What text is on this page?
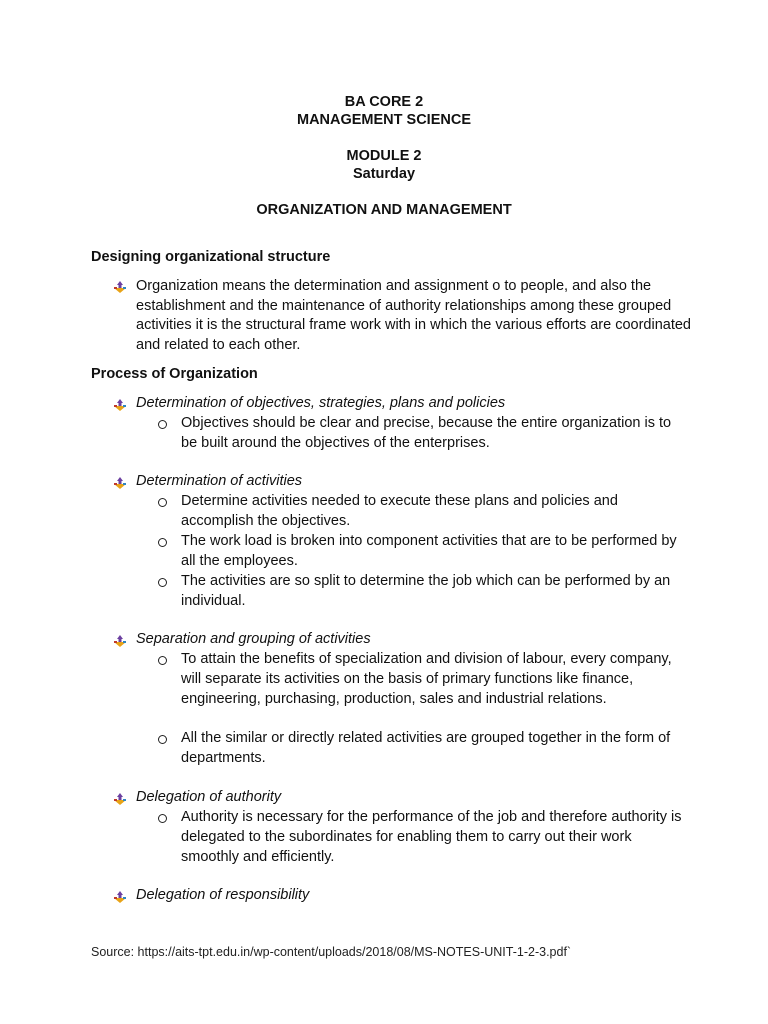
BA CORE 2
MANAGEMENT SCIENCE
MODULE 2
Saturday
ORGANIZATION AND MANAGEMENT
Designing organizational structure
Organization means the determination and assignment o to people, and also the establishment and the maintenance of authority relationships among these grouped activities it is the structural frame work with in which the various efforts are coordinated and related to each other.
Process of Organization
Determination of objectives, strategies, plans and policies
Objectives should be clear and precise, because the entire organization is to be built around the objectives of the enterprises.
Determination of activities
Determine activities needed to execute these plans and policies and accomplish the objectives.
The work load is broken into component activities that are to be performed by all the employees.
The activities are so split to determine the job which can be performed by an individual.
Separation and grouping of activities
To attain the benefits of specialization and division of labour, every company, will separate its activities on the basis of primary functions like finance, engineering, purchasing, production, sales and industrial relations.
All the similar or directly related activities are grouped together in the form of departments.
Delegation of authority
Authority is necessary for the performance of the job and therefore authority is delegated to the subordinates for enabling them to carry out their work smoothly and efficiently.
Delegation of responsibility
Source: https://aits-tpt.edu.in/wp-content/uploads/2018/08/MS-NOTES-UNIT-1-2-3.pdf`
